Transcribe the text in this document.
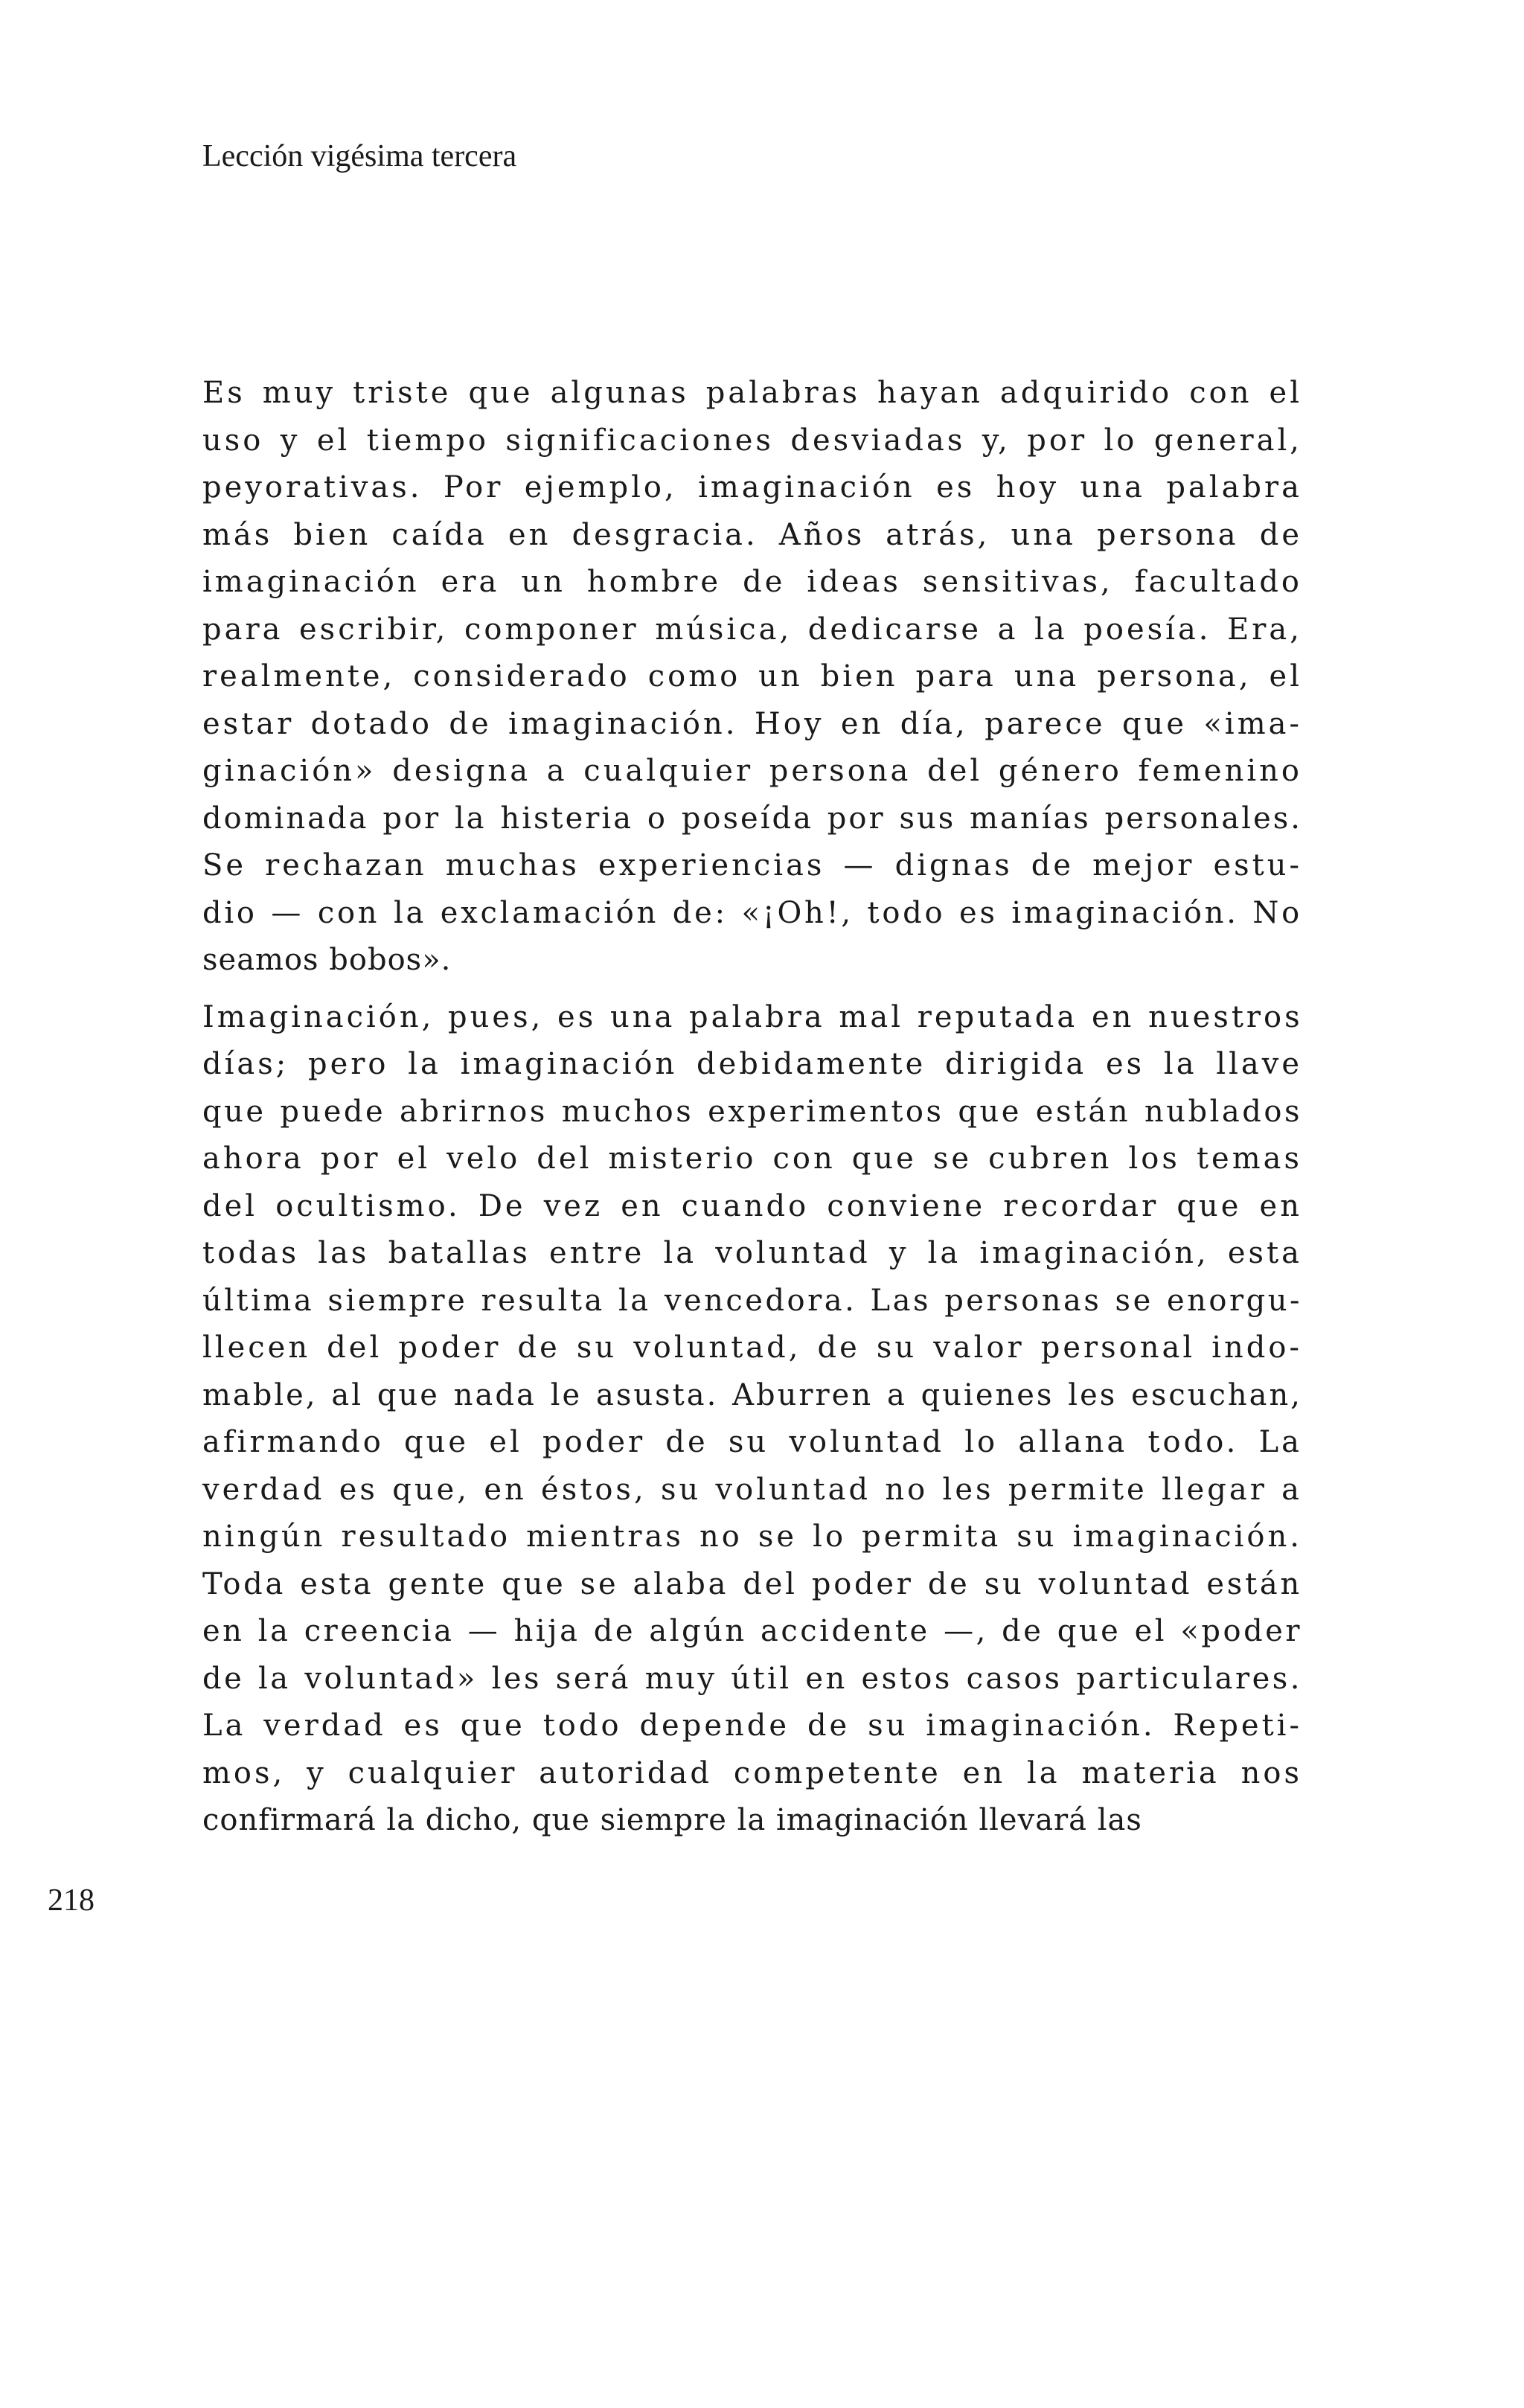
Lección vigésima tercera

Es muy triste que algunas palabras hayan adquirido con el
uso y el tiempo significaciones desviadas y, por lo general,
peyorativas. Por ejemplo, imaginación es hoy una palabra
más bien caída en desgracia. Años atrás, una persona de
imaginación era un hombre de ideas sensitivas, facultado
para escribir, componer música, dedicarse a la poesía. Era,
realmente, considerado como un bien para una persona, el
estar dotado de imaginación. Hoy en día, parece que «ima-
ginación» designa a cualquier persona del género femenino
dominada por la histeria o poseída por sus manías personales.
Se rechazan muchas experiencias — dignas de mejor estu-
dio — con la exclamación de: «¡Oh!, todo es imaginación. No
seamos bobos».

Imaginación, pues, es una palabra mal reputada en nuestros
días; pero la imaginación debidamente dirigida es la llave
que puede abrirnos muchos experimentos que están nublados
ahora por el velo del misterio con que se cubren los temas
del ocultismo. De vez en cuando conviene recordar que en
todas las batallas entre la voluntad y la imaginación, esta
última siempre resulta la vencedora. Las personas se enorgu-
llecen del poder de su voluntad, de su valor personal indo-
mable, al que nada le asusta. Aburren a quienes les escuchan,
afirmando que el poder de su voluntad lo allana todo. La
verdad es que, en éstos, su voluntad no les permite llegar a
ningún resultado mientras no se lo permita su imaginación.
Toda esta gente que se alaba del poder de su voluntad están
en la creencia — hija de algún accidente —, de que el «poder
de la voluntad» les será muy útil en estos casos particulares.
La verdad es que todo depende de su imaginación. Repeti-
mos, y cualquier autoridad competente en la materia nos
confirmará la dicho, que siempre la imaginación llevará las

218
